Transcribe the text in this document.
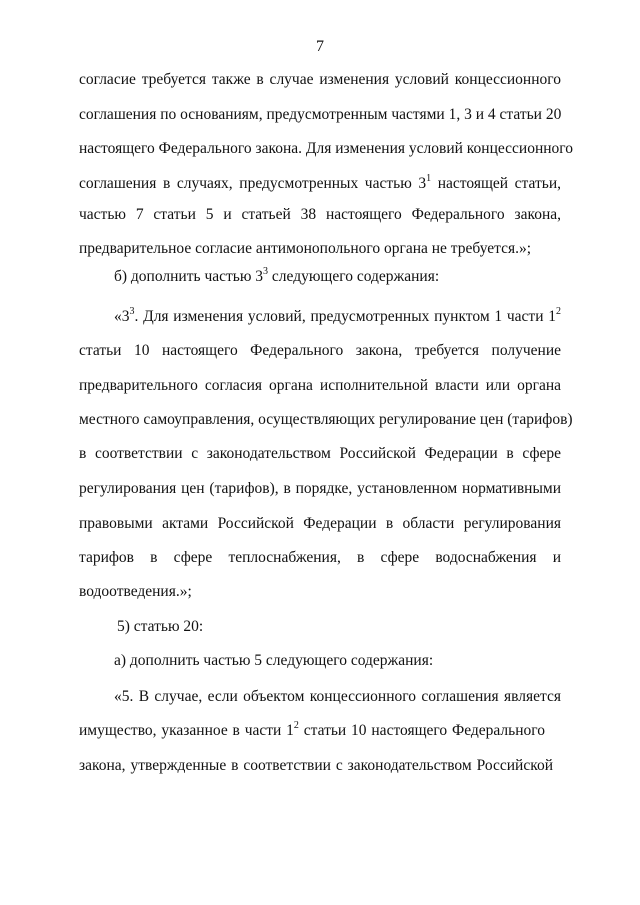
7
согласие требуется также в случае изменения условий концессионного
соглашения по основаниям, предусмотренным частями 1, 3 и 4 статьи 20
настоящего Федерального закона. Для изменения условий концессионного
соглашения в случаях, предусмотренных частью $3^1$ настоящей статьи,
частью 7 статьи 5 и статьей 38 настоящего Федерального закона,
предварительное согласие антимонопольного органа не требуется.»;
б) дополнить частью $3^3$ следующего содержания:
«$3^3$. Для изменения условий, предусмотренных пунктом 1 части $1^2$
статьи 10 настоящего Федерального закона, требуется получение
предварительного согласия органа исполнительной власти или органа
местного самоуправления, осуществляющих регулирование цен (тарифов)
в соответствии с законодательством Российской Федерации в сфере
регулирования цен (тарифов), в порядке, установленном нормативными
правовыми актами Российской Федерации в области регулирования
тарифов в сфере теплоснабжения, в сфере водоснабжения и
водоотведения.»;
5) статью 20:
а) дополнить частью 5 следующего содержания:
«5. В случае, если объектом концессионного соглашения является
имущество, указанное в части $1^2$ статьи 10 настоящего Федерального
закона, утвержденные в соответствии с законодательством Российской
